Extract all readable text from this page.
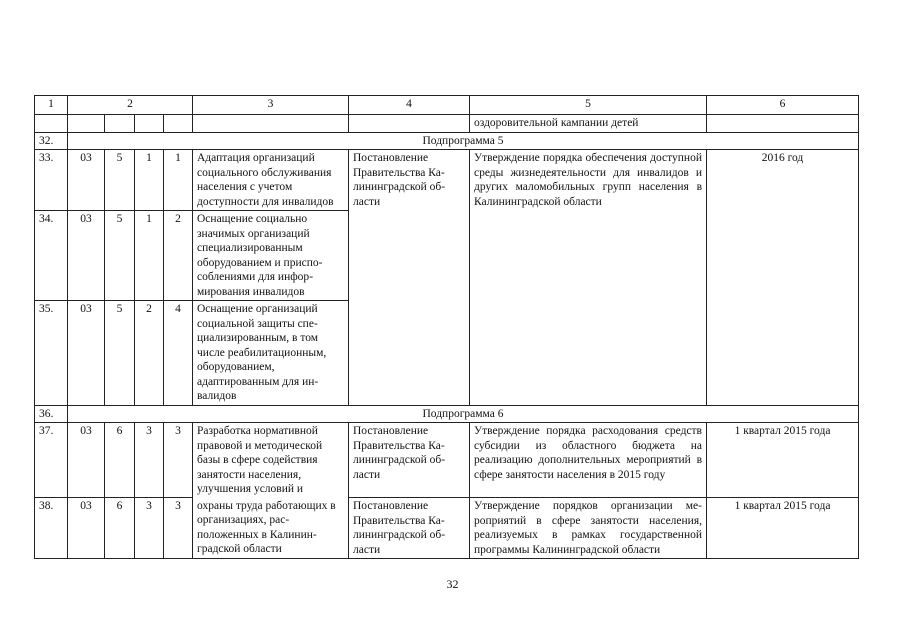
1	2				3	4	5	6
							оздоровительной кампании детей	
32.	Подпрограмма 5							
33.	03	5	1	1	Адаптация организаций социального обслуживания населения с учетом доступности для инвалидов	Постановление Правительства Калининградской области	Утверждение порядка обеспечения доступной среды жизнедеятельности для инвалидов и других маломобильных групп населения в Калининградской области	2016 год
34.	03	5	1	2	Оснащение социально значимых организаций специализированным оборудованием и приспособлениями для информирования инвалидов			
35.	03	5	2	4	Оснащение организаций социальной защиты специализированным, в том числе реабилитационным, оборудованием, адаптированным для инвалидов			
36.	Подпрограмма 6							
37.	03	6	3	3	Разработка нормативной правовой и методической базы в сфере содействия занятости населения, улучшения условий и	Постановление Правительства Калининградской области	Утверждение порядка расходования средств субсидии из областного бюджета на реализацию дополнительных мероприятий в сфере занятости населения в 2015 году	1 квартал 2015 года
38.	03	6	3	3	охраны труда работающих в организациях, расположенных в Калининградской области	Постановление Правительства Калининградской области	Утверждение порядков организации мероприятий в сфере занятости населения, реализуемых в рамках государственной программы Калининградской области	1 квартал 2015 года
32
